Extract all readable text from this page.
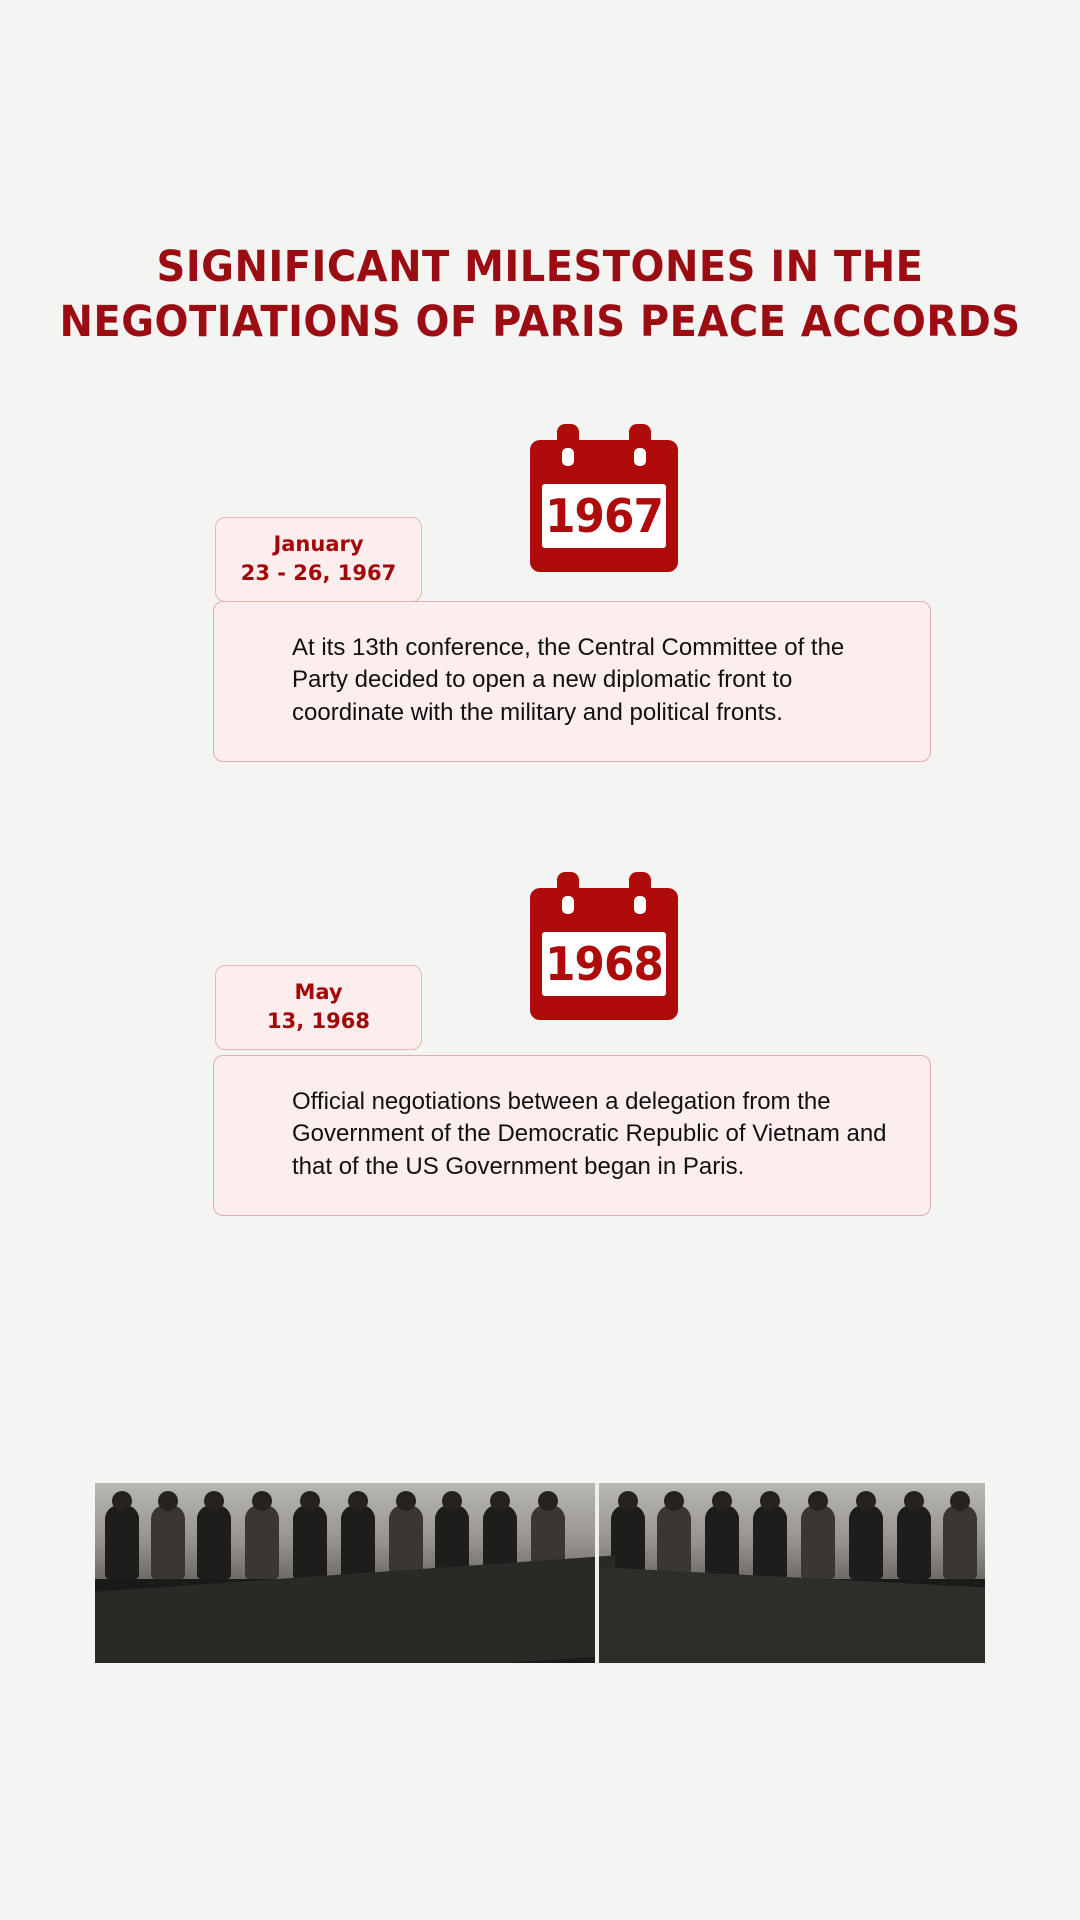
SIGNIFICANT MILESTONES IN THE
NEGOTIATIONS OF PARIS PEACE ACCORDS
1967
January
23 - 26, 1967

At its 13th conference, the Central Committee of the Party decided to open a new diplomatic front to coordinate with the military and political fronts.

1968
May
13, 1968

Official negotiations between a delegation from the Government of the Democratic Republic of Vietnam and that of the US Government began in Paris.
